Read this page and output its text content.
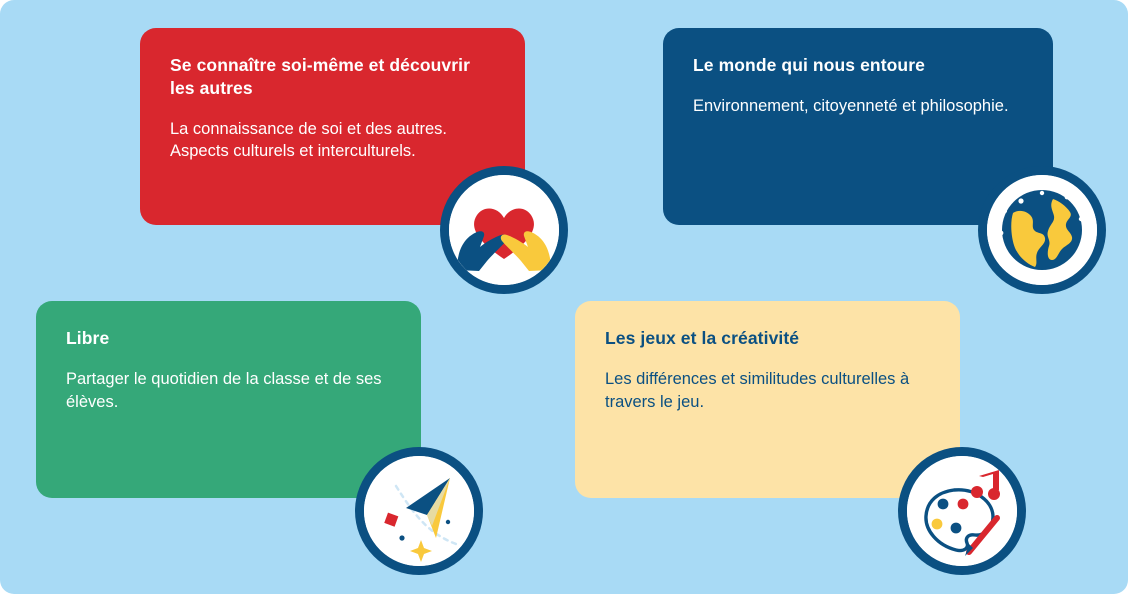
Se connaître soi-même et découvrir les autres

La connaissance de soi et des autres. Aspects culturels et interculturels.

Le monde qui nous entoure

Environnement, citoyenneté et philosophie.

Libre

Partager le quotidien de la classe et de ses élèves.

Les jeux et la créativité

Les différences et similitudes culturelles à travers le jeu.
